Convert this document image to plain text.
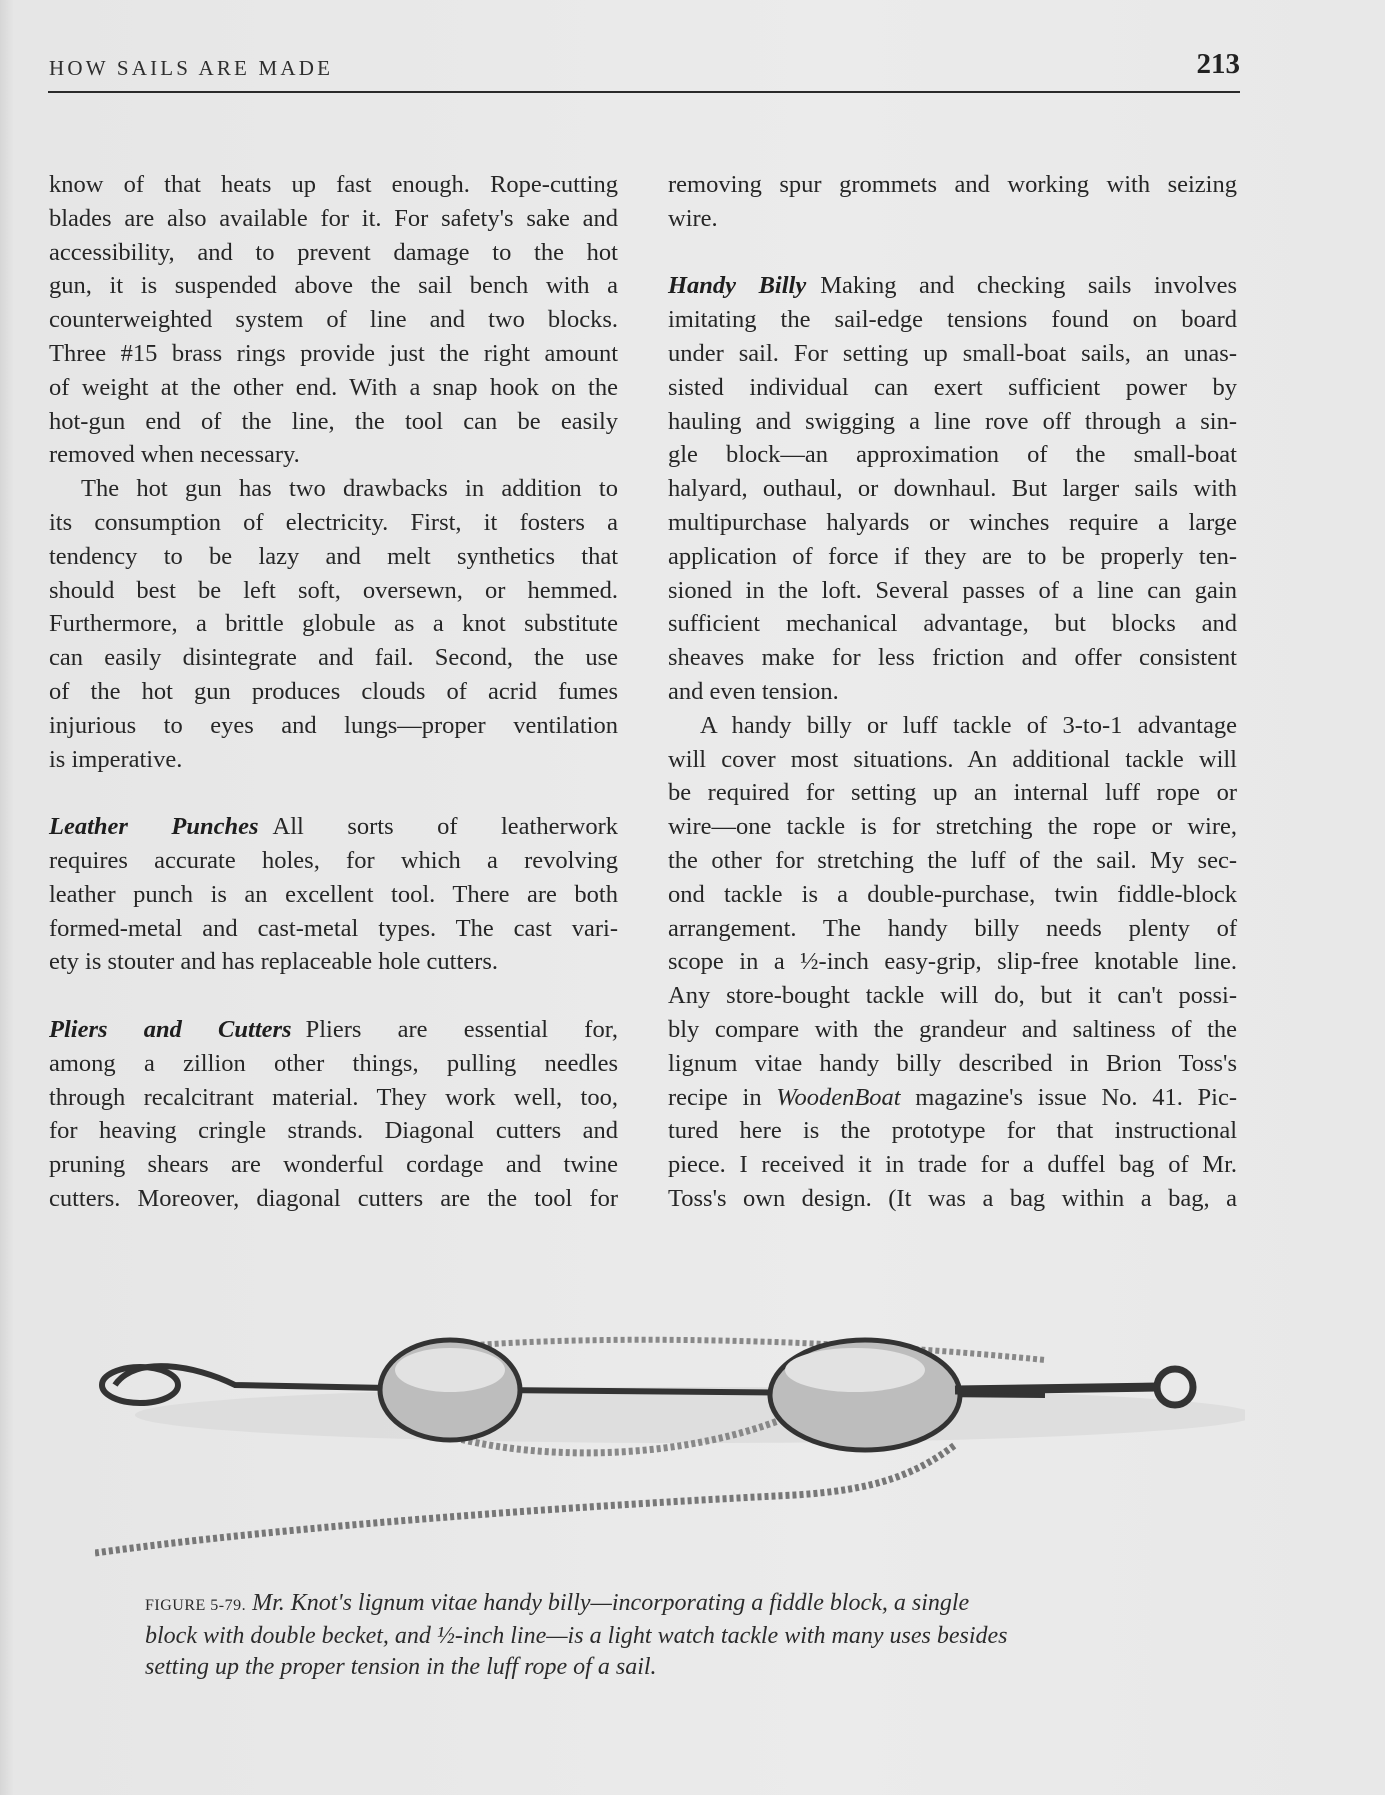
HOW SAILS ARE MADE	213
know of that heats up fast enough. Rope-cutting
blades are also available for it. For safety's sake and
accessibility, and to prevent damage to the hot
gun, it is suspended above the sail bench with a
counterweighted system of line and two blocks.
Three #15 brass rings provide just the right amount
of weight at the other end. With a snap hook on the
hot-gun end of the line, the tool can be easily
removed when necessary.
The hot gun has two drawbacks in addition to
its consumption of electricity. First, it fosters a
tendency to be lazy and melt synthetics that
should best be left soft, oversewn, or hemmed.
Furthermore, a brittle globule as a knot substitute
can easily disintegrate and fail. Second, the use
of the hot gun produces clouds of acrid fumes
injurious to eyes and lungs—proper ventilation
is imperative.
Leather Punches All sorts of leatherwork
requires accurate holes, for which a revolving
leather punch is an excellent tool. There are both
formed-metal and cast-metal types. The cast vari-
ety is stouter and has replaceable hole cutters.
Pliers and Cutters Pliers are essential for,
among a zillion other things, pulling needles
through recalcitrant material. They work well, too,
for heaving cringle strands. Diagonal cutters and
pruning shears are wonderful cordage and twine
cutters. Moreover, diagonal cutters are the tool for
removing spur grommets and working with seizing
wire.
Handy Billy Making and checking sails involves
imitating the sail-edge tensions found on board
under sail. For setting up small-boat sails, an unas-
sisted individual can exert sufficient power by
hauling and swigging a line rove off through a sin-
gle block—an approximation of the small-boat
halyard, outhaul, or downhaul. But larger sails with
multipurchase halyards or winches require a large
application of force if they are to be properly ten-
sioned in the loft. Several passes of a line can gain
sufficient mechanical advantage, but blocks and
sheaves make for less friction and offer consistent
and even tension.
A handy billy or luff tackle of 3-to-1 advantage
will cover most situations. An additional tackle will
be required for setting up an internal luff rope or
wire—one tackle is for stretching the rope or wire,
the other for stretching the luff of the sail. My sec-
ond tackle is a double-purchase, twin fiddle-block
arrangement. The handy billy needs plenty of
scope in a ½-inch easy-grip, slip-free knotable line.
Any store-bought tackle will do, but it can't possi-
bly compare with the grandeur and saltiness of the
lignum vitae handy billy described in Brion Toss's
recipe in WoodenBoat magazine's issue No. 41. Pic-
tured here is the prototype for that instructional
piece. I received it in trade for a duffel bag of Mr.
Toss's own design. (It was a bag within a bag, a
FIGURE 5-79. Mr. Knot's lignum vitae handy billy—incorporating a fiddle block, a single
block with double becket, and ½-inch line—is a light watch tackle with many uses besides
setting up the proper tension in the luff rope of a sail.
